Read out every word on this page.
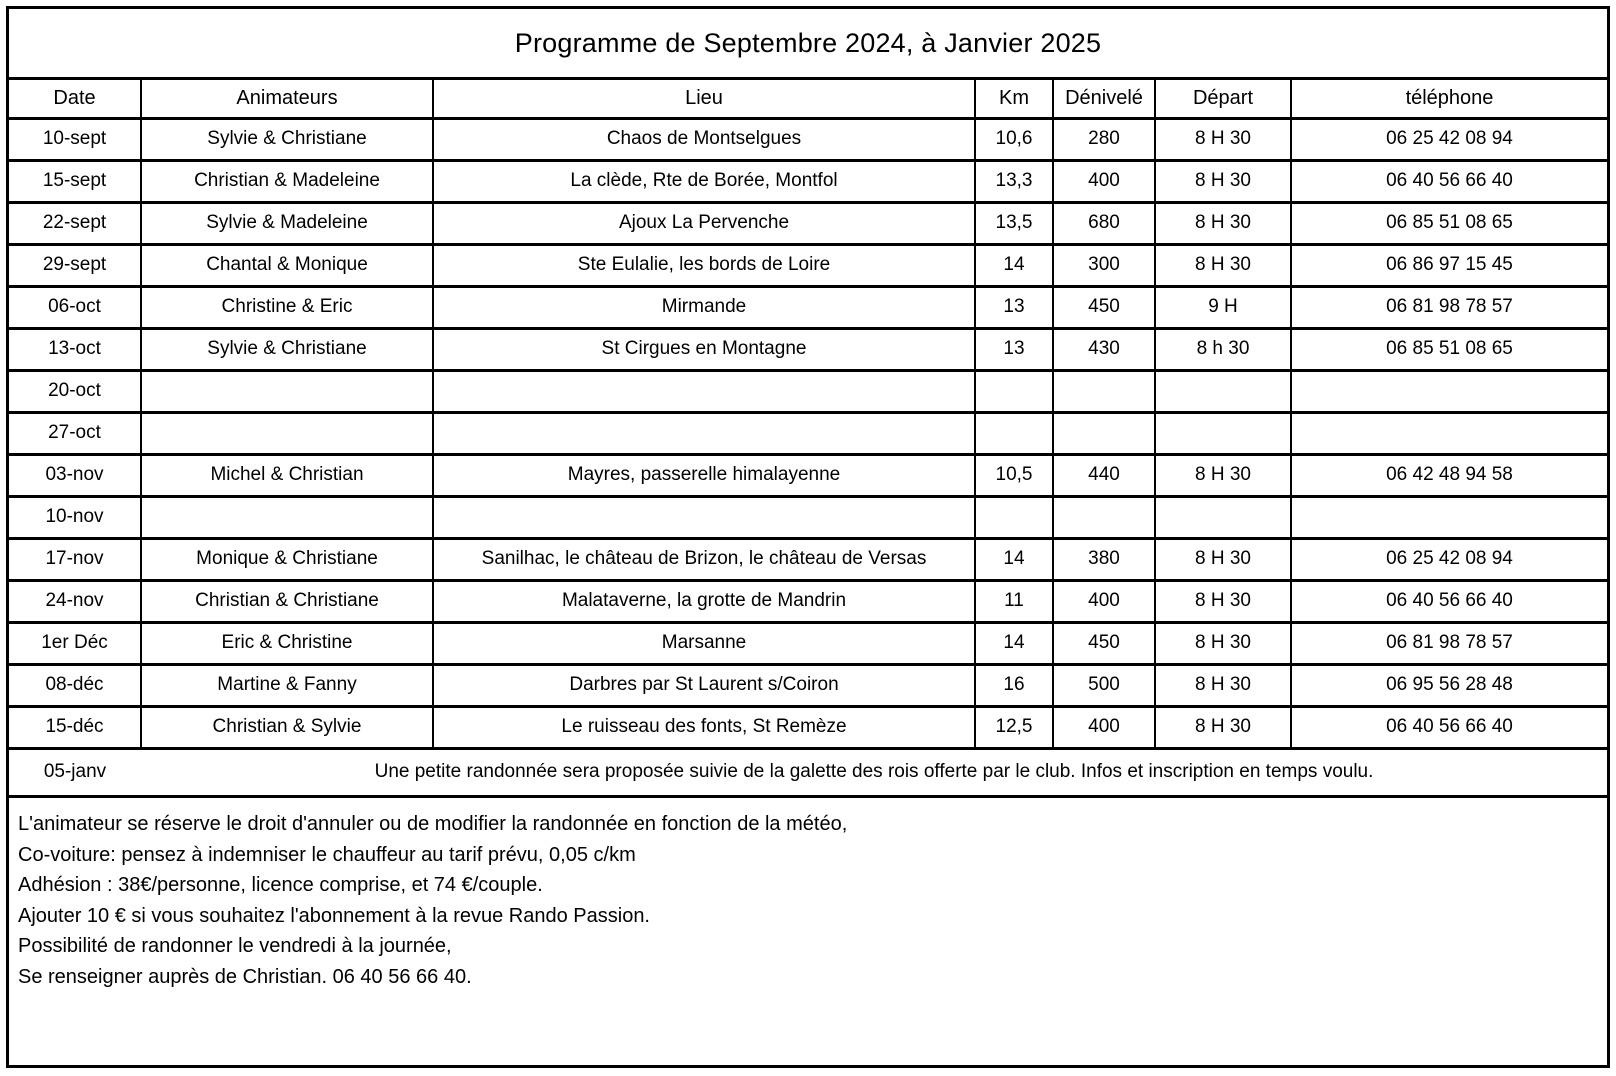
Programme de Septembre 2024, à Janvier 2025
Date	Animateurs	Lieu	Km	Dénivelé	Départ	téléphone
10-sept	Sylvie & Christiane	Chaos de Montselgues	10,6	280	8 H 30	06 25 42 08 94
15-sept	Christian & Madeleine	La clède, Rte de Borée, Montfol	13,3	400	8 H 30	06 40 56 66 40
22-sept	Sylvie & Madeleine	Ajoux La Pervenche	13,5	680	8 H 30	06 85 51 08 65
29-sept	Chantal & Monique	Ste Eulalie, les bords de Loire	14	300	8 H 30	06 86 97 15 45
06-oct	Christine & Eric	Mirmande	13	450	9 H	06 81 98 78 57
13-oct	Sylvie & Christiane	St Cirgues en Montagne	13	430	8 h 30	06 85 51 08 65
20-oct						
27-oct						
03-nov	Michel & Christian	Mayres, passerelle himalayenne	10,5	440	8 H 30	06 42 48 94 58
10-nov						
17-nov	Monique & Christiane	Sanilhac, le château de Brizon, le château de Versas	14	380	8 H 30	06 25 42 08 94
24-nov	Christian & Christiane	Malataverne, la grotte de Mandrin	11	400	8 H 30	06 40 56 66 40
1er Déc	Eric & Christine	Marsanne	14	450	8 H 30	06 81 98 78 57
08-déc	Martine & Fanny	Darbres par St Laurent s/Coiron	16	500	8 H 30	06 95 56 28 48
15-déc	Christian & Sylvie	Le ruisseau des fonts, St Remèze	12,5	400	8 H 30	06 40 56 66 40
05-janv	Une petite randonnée sera proposée suivie de la galette des rois offerte par le club. Infos et inscription en temps voulu.					
L'animateur se réserve le droit d'annuler ou de modifier la randonnée en fonction de la météo,
Co-voiture: pensez à indemniser le chauffeur au tarif prévu, 0,05 c/km
Adhésion : 38€/personne, licence comprise, et 74 €/couple.
Ajouter 10 € si vous souhaitez l'abonnement à la revue Rando Passion.
Possibilité de randonner le vendredi à la journée,
Se renseigner auprès de Christian. 06 40 56 66 40.
